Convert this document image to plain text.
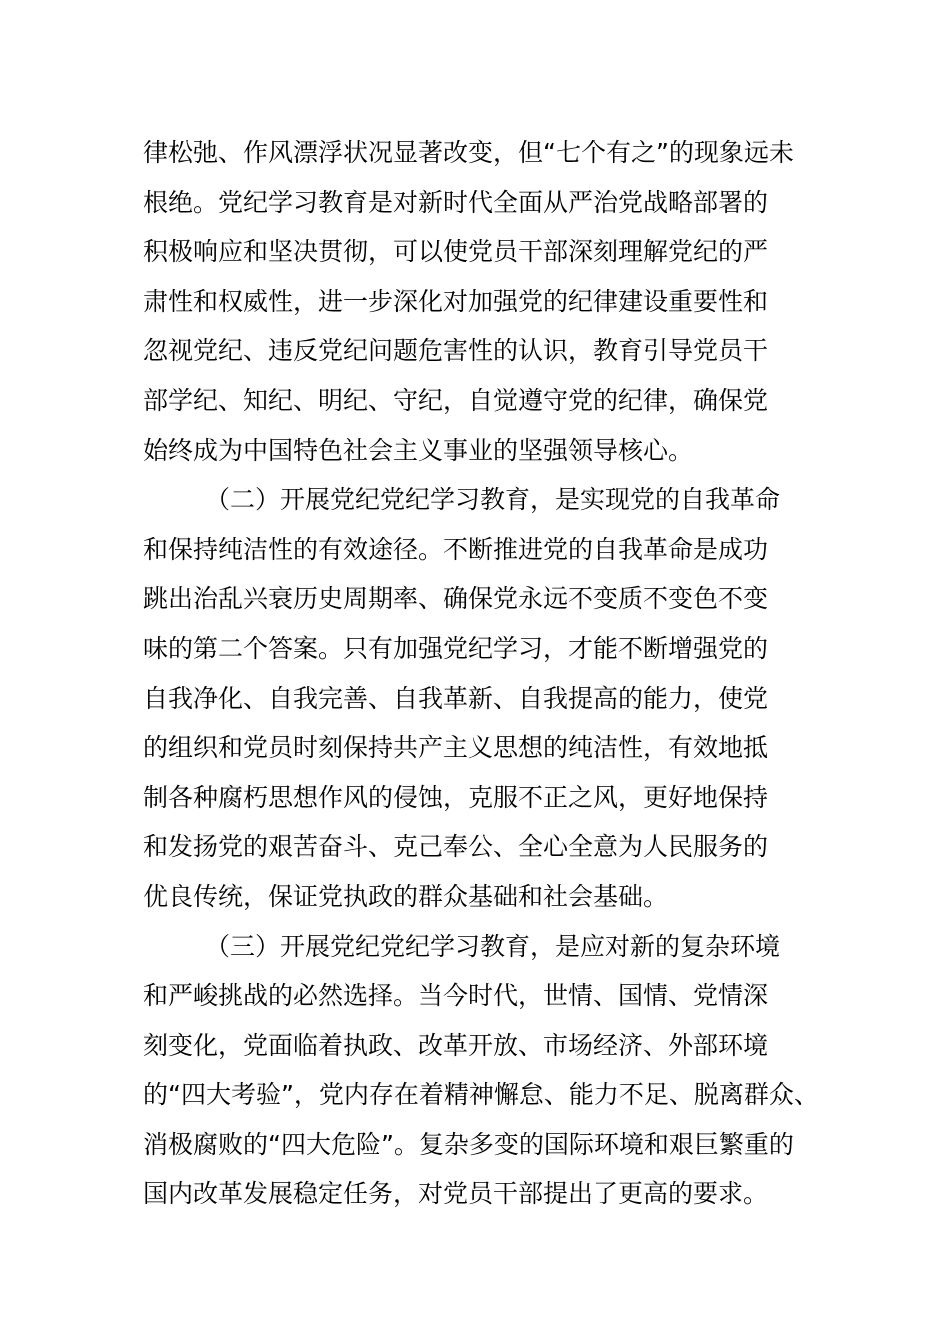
律松弛、作风漂浮状况显著改变，但“七个有之”的现象远未
根绝。党纪学习教育是对新时代全面从严治党战略部署的
积极响应和坚决贯彻，可以使党员干部深刻理解党纪的严
肃性和权威性，进一步深化对加强党的纪律建设重要性和
忽视党纪、违反党纪问题危害性的认识，教育引导党员干
部学纪、知纪、明纪、守纪，自觉遵守党的纪律，确保党
始终成为中国特色社会主义事业的坚强领导核心。
（二）开展党纪党纪学习教育，是实现党的自我革命
和保持纯洁性的有效途径。不断推进党的自我革命是成功
跳出治乱兴衰历史周期率、确保党永远不变质不变色不变
味的第二个答案。只有加强党纪学习，才能不断增强党的
自我净化、自我完善、自我革新、自我提高的能力，使党
的组织和党员时刻保持共产主义思想的纯洁性，有效地抵
制各种腐朽思想作风的侵蚀，克服不正之风，更好地保持
和发扬党的艰苦奋斗、克己奉公、全心全意为人民服务的
优良传统，保证党执政的群众基础和社会基础。
（三）开展党纪党纪学习教育，是应对新的复杂环境
和严峻挑战的必然选择。当今时代，世情、国情、党情深
刻变化，党面临着执政、改革开放、市场经济、外部环境
的“四大考验”，党内存在着精神懈怠、能力不足、脱离群众、
消极腐败的“四大危险”。复杂多变的国际环境和艰巨繁重的
国内改革发展稳定任务，对党员干部提出了更高的要求。
